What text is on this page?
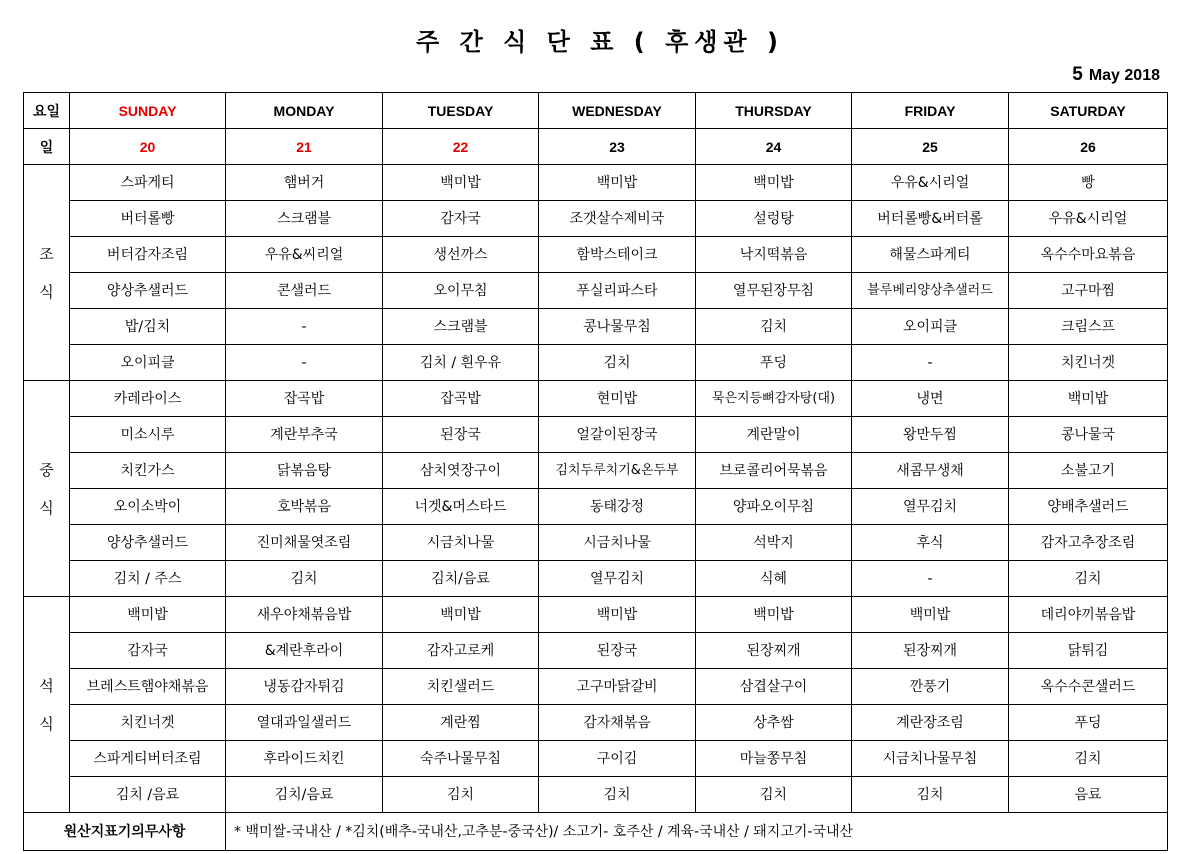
주 간 식 단 표 ( 후생관 )
5 May 2018
요일	SUNDAY	MONDAY	TUESDAY	WEDNESDAY	THURSDAY	FRIDAY	SATURDAY
일	20	21	22	23	24	25	26

조
식	스파게티	햄버거	백미밥	백미밥	백미밥	우유&시리얼	빵
	버터롤빵	스크램블	감자국	조갯살수제비국	설렁탕	버터롤빵&버터롤	우유&시리얼
	버터감자조림	우유&씨리얼	생선까스	함박스테이크	낙지떡볶음	해물스파게티	옥수수마요볶음
	양상추샐러드	콘샐러드	오이무침	푸실리파스타	열무된장무침	블루베리양상추샐러드	고구마찜
	밥/김치	-	스크램블	콩나물무침	김치	오이피클	크림스프
	오이피클	-	김치 / 흰우유	김치	푸딩	-	치킨너겟

중
식	카레라이스	잡곡밥	잡곡밥	현미밥	묵은지등뼈감자탕(대)	냉면	백미밥
	미소시루	계란부추국	된장국	얼갈이된장국	계란말이	왕만두찜	콩나물국
	치킨가스	닭볶음탕	삼치엿장구이	김치두루치기&온두부	브로콜리어묵볶음	새콤무생채	소불고기
	오이소박이	호박볶음	너겟&머스타드	동태강정	양파오이무침	열무김치	양배추샐러드
	양상추샐러드	진미채물엿조림	시금치나물	시금치나물	석박지	후식	감자고추장조림
	김치 / 주스	김치	김치/음료	열무김치	식혜	-	김치

석
식	백미밥	새우야채볶음밥	백미밥	백미밥	백미밥	백미밥	데리야끼볶음밥
	감자국	&계란후라이	감자고로케	된장국	된장찌개	된장찌개	닭튀김
	브레스트햄야채볶음	냉동감자튀김	치킨샐러드	고구마닭갈비	삼겹살구이	깐풍기	옥수수콘샐러드
	치킨너겟	열대과일샐러드	계란찜	감자채볶음	상추쌈	계란장조림	푸딩
	스파게티버터조림	후라이드치킨	숙주나물무침	구이김	마늘쫑무침	시금치나물무침	김치
	김치 /음료	김치/음료	김치	김치	김치	김치	음료
원산지표기의무사항		* 백미쌀-국내산 / *김치(배추-국내산,고추분-중국산)/ 소고기- 호주산 / 계육-국내산 / 돼지고기-국내산					
